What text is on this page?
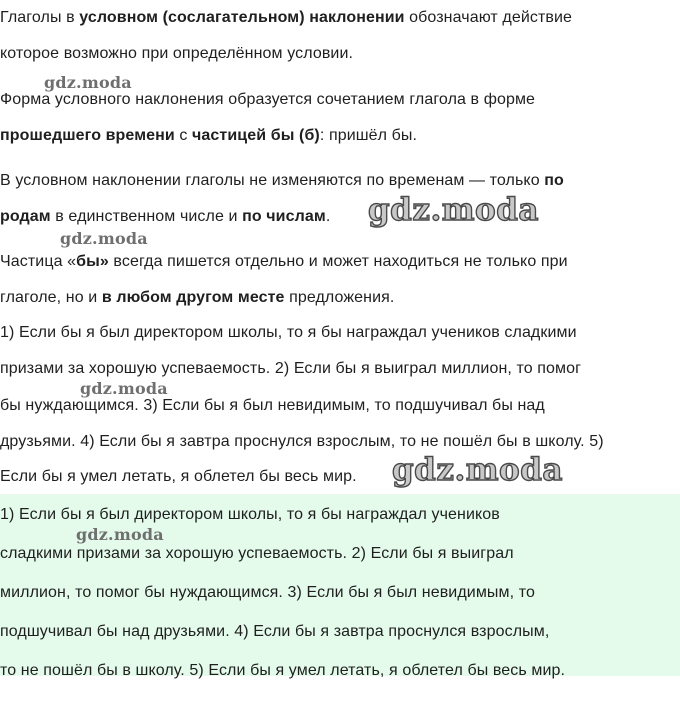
Глаголы в условном (сослагательном) наклонении обозначают действие

которое возможно при определённом условии.

gdz.moda

Форма условного наклонения образуется сочетанием глагола в форме

прошедшего времени с частицей бы (б): пришёл бы.

В условном наклонении глаголы не изменяются по временам — только по

родам в единственном числе и по числам. gdz.moda
gdz.moda

Частица «бы» всегда пишется отдельно и может находиться не только при

глаголе, но и в любом другом месте предложения.

1) Если бы я был директором школы, то я бы награждал учеников сладкими

призами за хорошую успеваемость. 2) Если бы я выиграл миллион, то помог

gdz.moda

бы нуждающимся. 3) Если бы я был невидимым, то подшучивал бы над

друзьями. 4) Если бы я завтра проснулся взрослым, то не пошёл бы в школу. 5)

Если бы я умел летать, я облетел бы весь мир. gdz.moda

1) Если бы я был директором школы, то я бы награждал учеников

gdz.moda

сладкими призами за хорошую успеваемость. 2) Если бы я выиграл

миллион, то помог бы нуждающимся. 3) Если бы я был невидимым, то

подшучивал бы над друзьями. 4) Если бы я завтра проснулся взрослым,

то не пошёл бы в школу. 5) Если бы я умел летать, я облетел бы весь мир.
